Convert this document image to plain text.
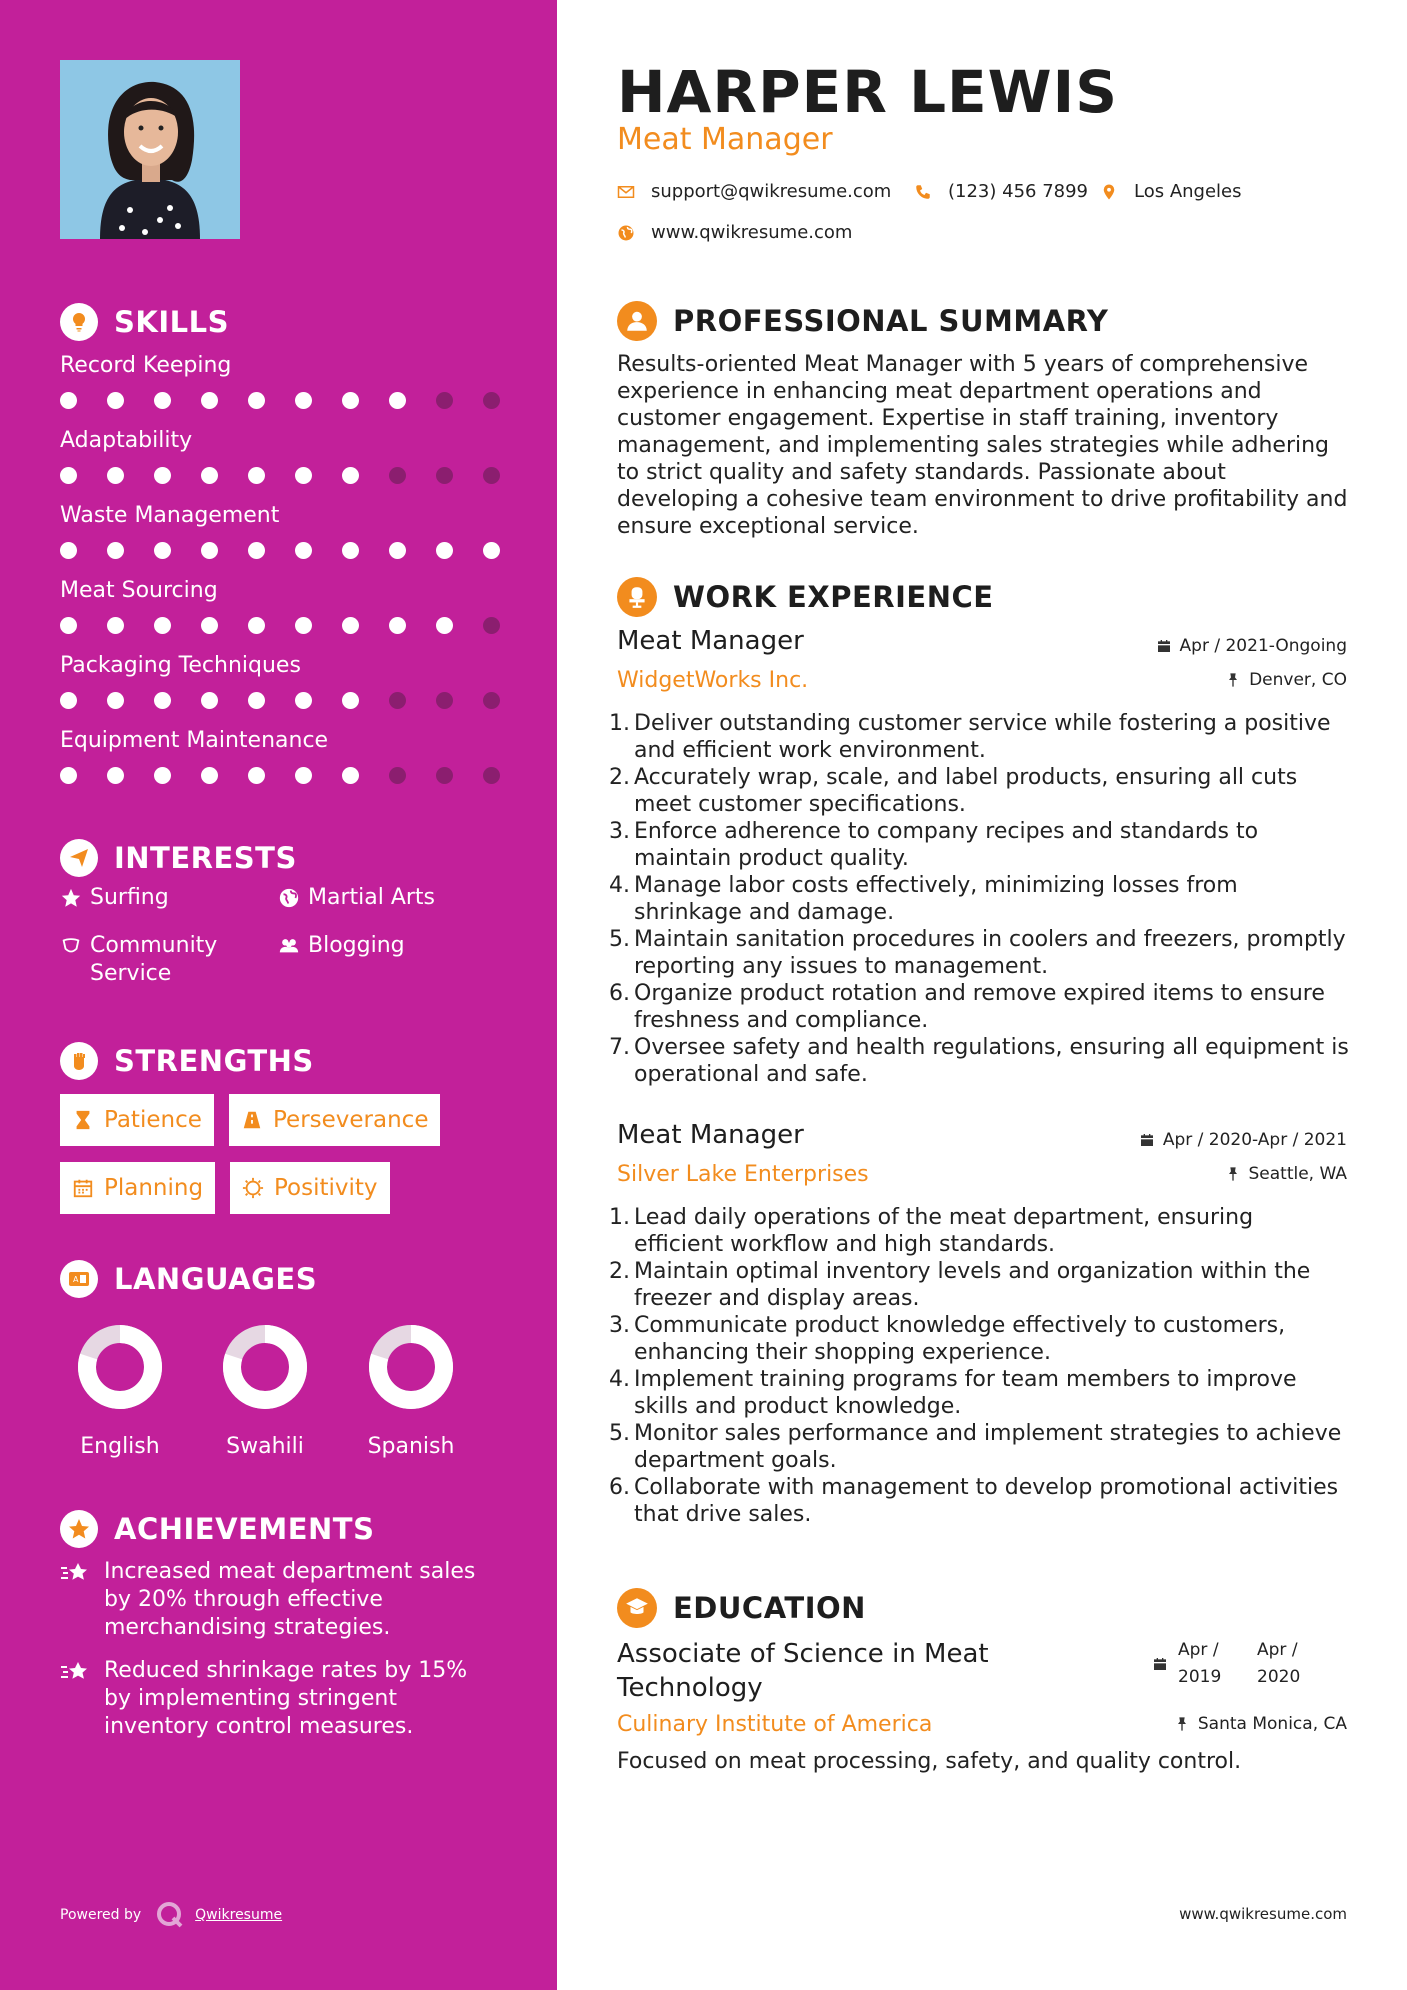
SKILLS
Record Keeping
Adaptability
Waste Management
Meat Sourcing
Packaging Techniques
Equipment Maintenance
INTERESTS
Surfing	Martial Arts
Community Service
Blogging
STRENGTHS
Patience	Perseverance
Planning	Positivity
A LANGUAGES
English	Swahili	Spanish
ACHIEVEMENTS
Increased meat department sales by 20% through effective merchandising strategies.
Reduced shrinkage rates by 15% by implementing stringent inventory control measures.
Powered by	Qwikresume
HARPER LEWIS
Meat Manager
support@qwikresume.com	(123) 456 7899	Los Angeles
www.qwikresume.com
PROFESSIONAL SUMMARY
Results-oriented Meat Manager with 5 years of comprehensive experience in enhancing meat department operations and customer engagement. Expertise in staff training, inventory management, and implementing sales strategies while adhering to strict quality and safety standards. Passionate about developing a cohesive team environment to drive profitability and ensure exceptional service.
WORK EXPERIENCE
Meat Manager
WidgetWorks Inc.
Apr / 2021-Ongoing
Denver, CO
1. Deliver outstanding customer service while fostering a positive and efficient work environment.
2. Accurately wrap, scale, and label products, ensuring all cuts meet customer specifications.
3. Enforce adherence to company recipes and standards to maintain product quality.
4. Manage labor costs effectively, minimizing losses from shrinkage and damage.
5. Maintain sanitation procedures in coolers and freezers, promptly reporting any issues to management.
6. Organize product rotation and remove expired items to ensure freshness and compliance.
7. Oversee safety and health regulations, ensuring all equipment is operational and safe.
Meat Manager
Silver Lake Enterprises
Apr / 2020-Apr / 2021
Seattle, WA
1. Lead daily operations of the meat department, ensuring efficient workflow and high standards.
2. Maintain optimal inventory levels and organization within the freezer and display areas.
3. Communicate product knowledge effectively to customers, enhancing their shopping experience.
4. Implement training programs for team members to improve skills and product knowledge.
5. Monitor sales performance and implement strategies to achieve department goals.
6. Collaborate with management to develop promotional activities that drive sales.
EDUCATION
Associate of Science in Meat Technology
Culinary Institute of America
Apr / 2019
Apr / 2020
Santa Monica, CA
Focused on meat processing, safety, and quality control.
www.qwikresume.com
